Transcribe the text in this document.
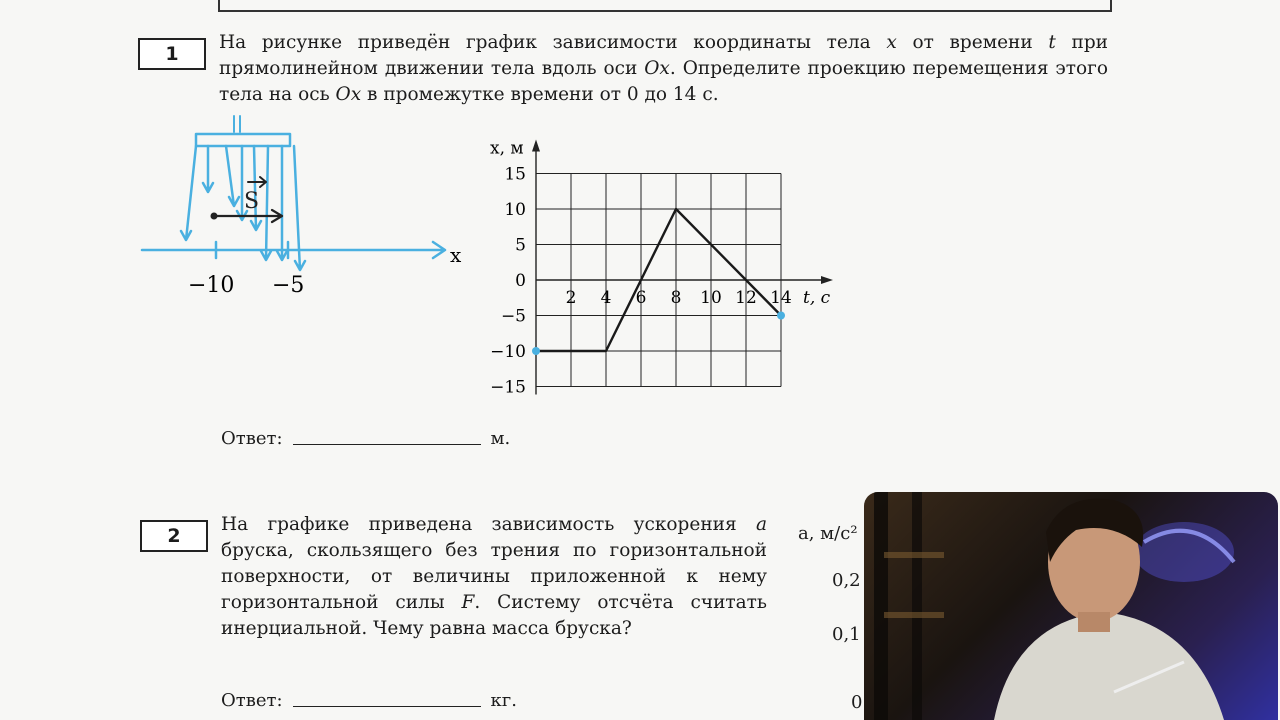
1
На рисунке приведён график зависимости координаты тела x от времени t при прямолинейном движении тела вдоль оси Ox. Определите проекцию перемещения этого тела на ось Ox в промежутке времени от 0 до 14 с.
S
x
−10 −5
15
10
5
0
−5
−10
−15
2 4 6 8 10 12 14
x, м
t, с
Ответ:	м.
2
На графике приведена зависимость ускорения a бруска, скользящего без трения по горизонтальной поверхности, от величины приложенной к нему горизонтальной силы F. Систему отсчёта считать инерциальной. Чему равна масса бруска?
a, м/с²
0,2
0,1
0
Ответ:	кг.
